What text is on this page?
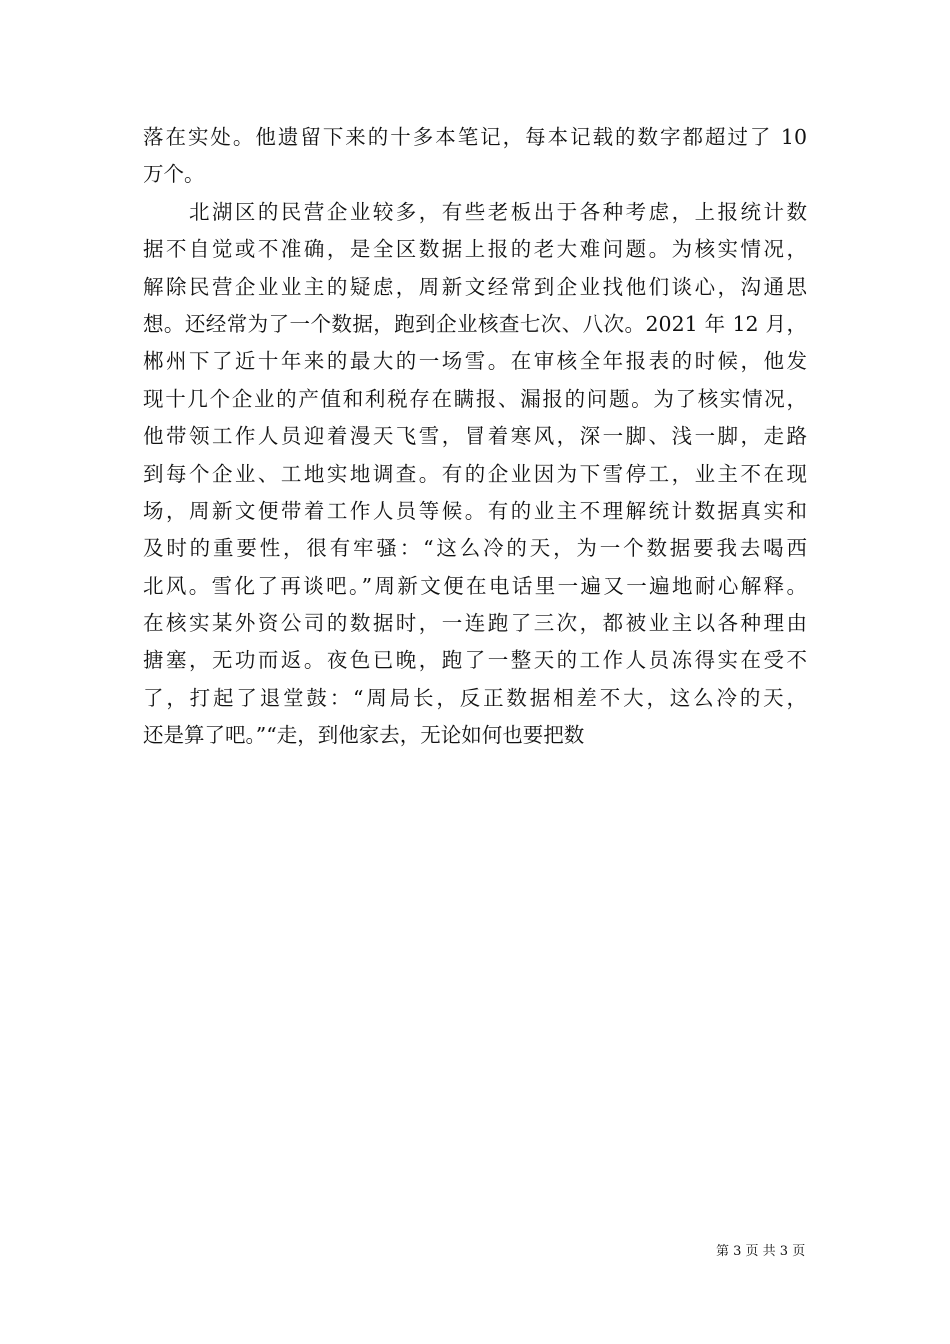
落在实处。他遗留下来的十多本笔记，每本记载的数字都超过了 10
万个。
　　北湖区的民营企业较多，有些老板出于各种考虑，上报统计数
据不自觉或不准确，是全区数据上报的老大难问题。为核实情况，
解除民营企业业主的疑虑，周新文经常到企业找他们谈心，沟通思
想。还经常为了一个数据，跑到企业核查七次、八次。2021 年 12 月，
郴州下了近十年来的最大的一场雪。在审核全年报表的时候，他发
现十几个企业的产值和利税存在瞒报、漏报的问题。为了核实情况，
他带领工作人员迎着漫天飞雪，冒着寒风，深一脚、浅一脚，走路
到每个企业、工地实地调查。有的企业因为下雪停工，业主不在现
场，周新文便带着工作人员等候。有的业主不理解统计数据真实和
及时的重要性，很有牢骚：“这么冷的天，为一个数据要我去喝西
北风。雪化了再谈吧。”周新文便在电话里一遍又一遍地耐心解释。
在核实某外资公司的数据时，一连跑了三次，都被业主以各种理由
搪塞，无功而返。夜色已晚，跑了一整天的工作人员冻得实在受不
了，打起了退堂鼓：“周局长，反正数据相差不大，这么冷的天，
还是算了吧。”“走，到他家去，无论如何也要把数
第 3 页 共 3 页
